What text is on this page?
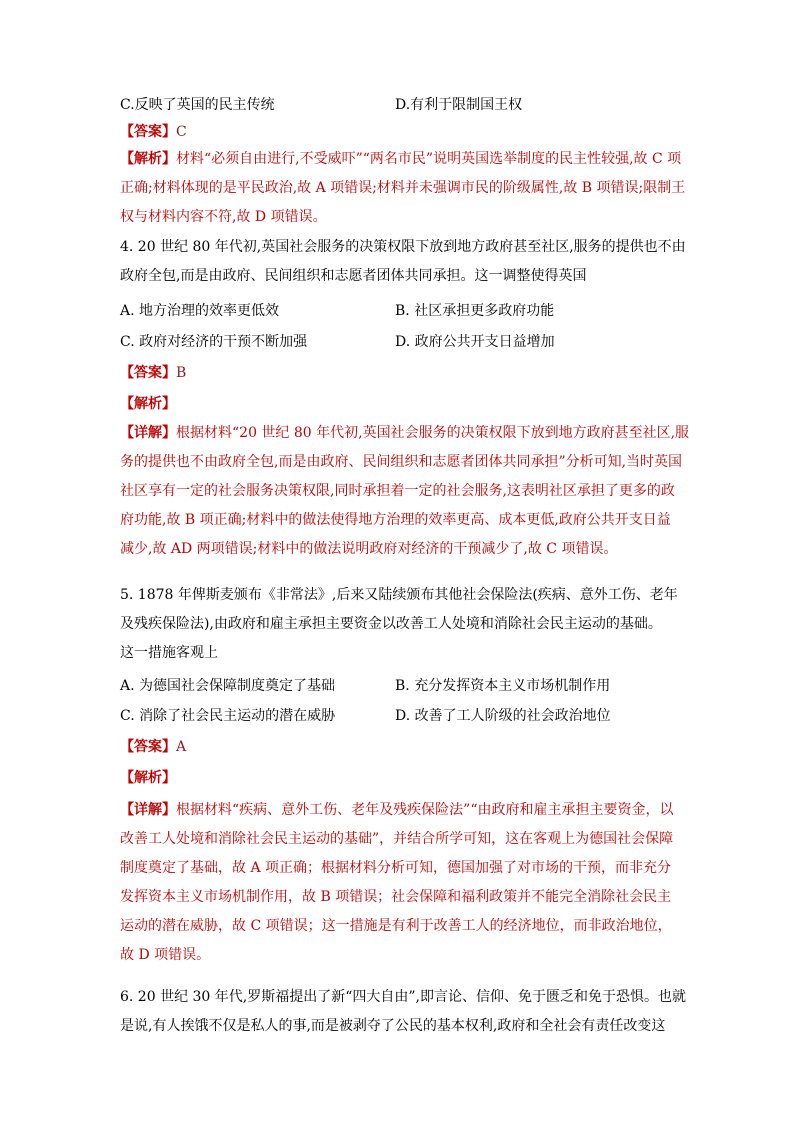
C.反映了英国的民主传统	D.有利于限制国王权
【答案】C
【解析】材料“必须自由进行,不受威吓”“两名市民”说明英国选举制度的民主性较强,故 C 项
正确;材料体现的是平民政治,故 A 项错误;材料并未强调市民的阶级属性,故 B 项错误;限制王
权与材料内容不符,故 D 项错误。
4. 20 世纪 80 年代初,英国社会服务的决策权限下放到地方政府甚至社区,服务的提供也不由
政府全包,而是由政府、民间组织和志愿者团体共同承担。这一调整使得英国
A. 地方治理的效率更低效	B. 社区承担更多政府功能
C. 政府对经济的干预不断加强	D. 政府公共开支日益增加
【答案】B
【解析】
【详解】根据材料“20 世纪 80 年代初,英国社会服务的决策权限下放到地方政府甚至社区,服
务的提供也不由政府全包,而是由政府、民间组织和志愿者团体共同承担”分析可知,当时英国
社区享有一定的社会服务决策权限,同时承担着一定的社会服务,这表明社区承担了更多的政
府功能,故 B 项正确;材料中的做法使得地方治理的效率更高、成本更低,政府公共开支日益
减少,故 AD 两项错误;材料中的做法说明政府对经济的干预减少了,故 C 项错误。
5. 1878 年俾斯麦颁布《非常法》,后来又陆续颁布其他社会保险法(疾病、意外工伤、老年
及残疾保险法),由政府和雇主承担主要资金以改善工人处境和消除社会民主运动的基础。
这一措施客观上
A. 为德国社会保障制度奠定了基础	B. 充分发挥资本主义市场机制作用
C. 消除了社会民主运动的潜在威胁	D. 改善了工人阶级的社会政治地位
【答案】A
【解析】
【详解】根据材料“疾病、意外工伤、老年及残疾保险法”“由政府和雇主承担主要资金，以
改善工人处境和消除社会民主运动的基础”，并结合所学可知，这在客观上为德国社会保障
制度奠定了基础，故 A 项正确；根据材料分析可知，德国加强了对市场的干预，而非充分
发挥资本主义市场机制作用，故 B 项错误；社会保障和福利政策并不能完全消除社会民主
运动的潜在威胁，故 C 项错误；这一措施是有利于改善工人的经济地位，而非政治地位，
故 D 项错误。
6. 20 世纪 30 年代,罗斯福提出了新“四大自由”,即言论、信仰、免于匮乏和免于恐惧。也就
是说,有人挨饿不仅是私人的事,而是被剥夺了公民的基本权利,政府和全社会有责任改变这
